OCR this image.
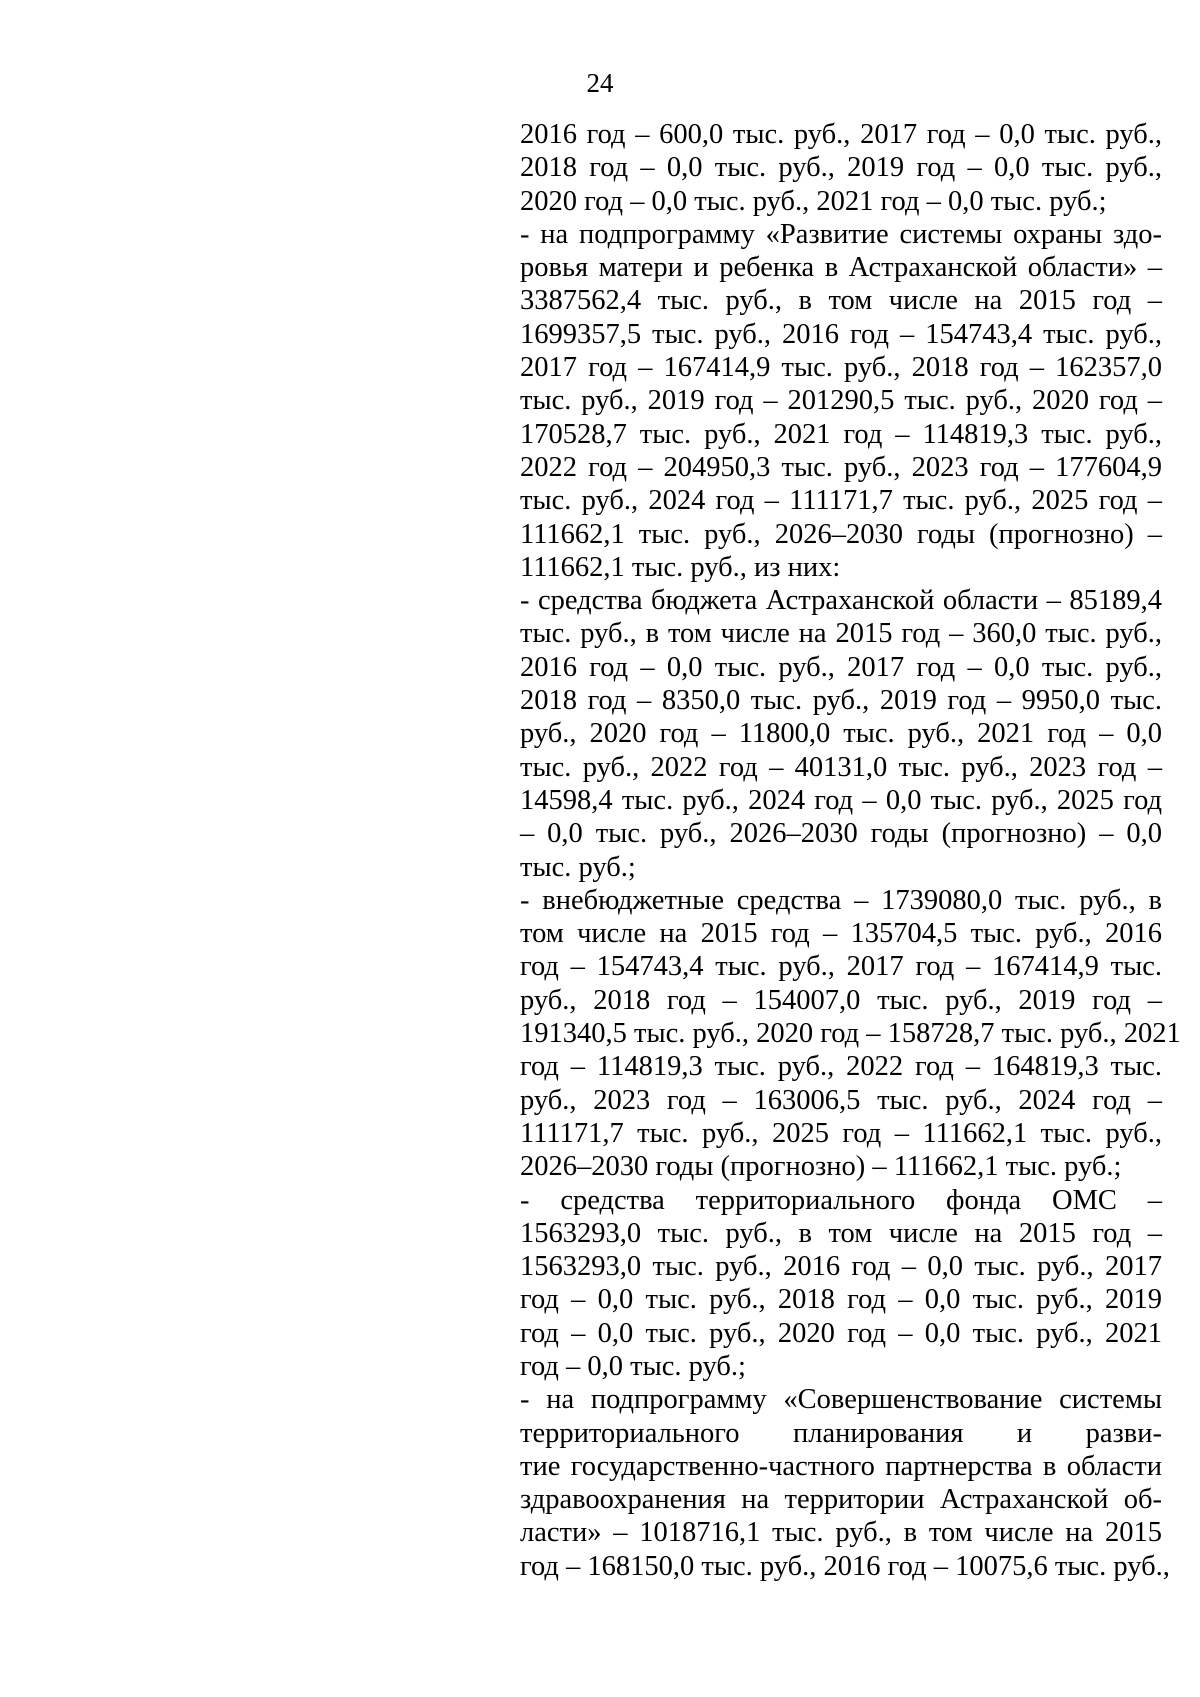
24
2016 год – 600,0 тыс. руб., 2017 год – 0,0 тыс. руб.,
2018 год – 0,0 тыс. руб., 2019 год – 0,0 тыс. руб.,
2020 год – 0,0 тыс. руб., 2021 год – 0,0 тыс. руб.;
- на подпрограмму «Развитие системы охраны здо-
ровья матери и ребенка в Астраханской области» –
3387562,4 тыс. руб., в том числе на 2015 год –
1699357,5 тыс. руб., 2016 год – 154743,4 тыс. руб.,
2017 год – 167414,9 тыс. руб., 2018 год – 162357,0
тыс. руб., 2019 год – 201290,5 тыс. руб., 2020 год –
170528,7 тыс. руб., 2021 год – 114819,3 тыс. руб.,
2022 год – 204950,3 тыс. руб., 2023 год – 177604,9
тыс. руб., 2024 год – 111171,7 тыс. руб., 2025 год –
111662,1 тыс. руб., 2026–2030 годы (прогнозно) –
111662,1 тыс. руб., из них:
- средства бюджета Астраханской области – 85189,4
тыс. руб., в том числе на 2015 год – 360,0 тыс. руб.,
2016 год – 0,0 тыс. руб., 2017 год – 0,0 тыс. руб.,
2018 год – 8350,0 тыс. руб., 2019 год – 9950,0 тыс.
руб., 2020 год – 11800,0 тыс. руб., 2021 год – 0,0
тыс. руб., 2022 год – 40131,0 тыс. руб., 2023 год –
14598,4 тыс. руб., 2024 год – 0,0 тыс. руб., 2025 год
– 0,0 тыс. руб., 2026–2030 годы (прогнозно) – 0,0
тыс. руб.;
- внебюджетные средства – 1739080,0 тыс. руб., в
том числе на 2015 год – 135704,5 тыс. руб., 2016
год – 154743,4 тыс. руб., 2017 год – 167414,9 тыс.
руб., 2018 год – 154007,0 тыс. руб., 2019 год –
191340,5 тыс. руб., 2020 год – 158728,7 тыс. руб., 2021
год – 114819,3 тыс. руб., 2022 год – 164819,3 тыс.
руб., 2023 год – 163006,5 тыс. руб., 2024 год –
111171,7 тыс. руб., 2025 год – 111662,1 тыс. руб.,
2026–2030 годы (прогнозно) – 111662,1 тыс. руб.;
- средства территориального фонда ОМС –
1563293,0 тыс. руб., в том числе на 2015 год –
1563293,0 тыс. руб., 2016 год – 0,0 тыс. руб., 2017
год – 0,0 тыс. руб., 2018 год – 0,0 тыс. руб., 2019
год – 0,0 тыс. руб., 2020 год – 0,0 тыс. руб., 2021
год – 0,0 тыс. руб.;
- на подпрограмму «Совершенствование системы
территориального планирования и разви-
тие государственно-частного партнерства в области
здравоохранения на территории Астраханской об-
ласти» – 1018716,1 тыс. руб., в том числе на 2015
год – 168150,0 тыс. руб., 2016 год – 10075,6 тыс. руб.,
